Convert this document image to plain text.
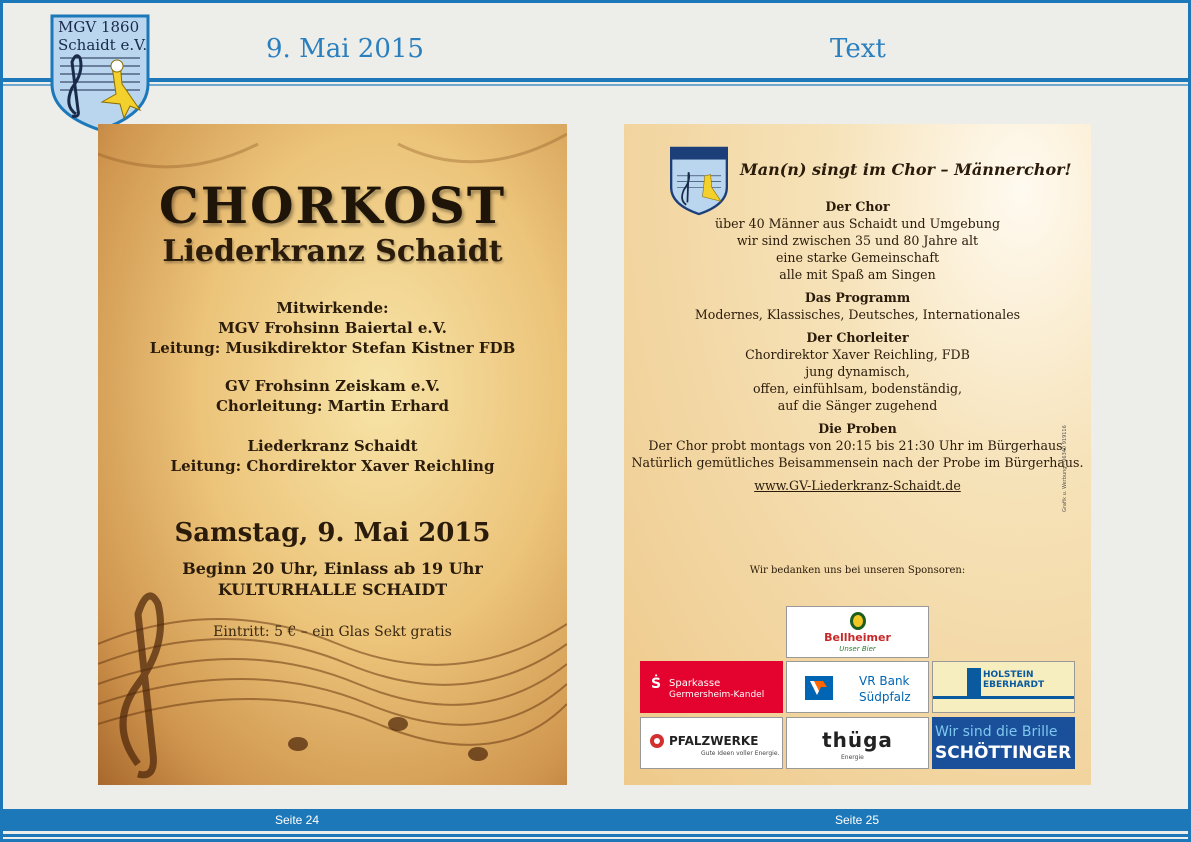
MGV 1860
Schaidt e.V.	9. Mai 2015	Text
CHORKOST
Liederkranz Schaidt
Mitwirkende:
MGV Frohsinn Baiertal e.V.
Leitung: Musikdirektor Stefan Kistner FDB
GV Frohsinn Zeiskam e.V.
Chorleitung: Martin Erhard
Liederkranz Schaidt
Leitung: Chordirektor Xaver Reichling
Samstag, 9. Mai 2015
Beginn 20 Uhr, Einlass ab 19 Uhr
KULTURHALLE SCHAIDT
Eintritt: 5 € – ein Glas Sekt gratis
Man(n) singt im Chor – Männerchor!
Der Chor
über 40 Männer aus Schaidt und Umgebung
wir sind zwischen 35 und 80 Jahre alt
eine starke Gemeinschaft
alle mit Spaß am Singen
Das Programm
Modernes, Klassisches, Deutsches, Internationales
Der Chorleiter
Chordirektor Xaver Reichling, FDB
jung dynamisch,
offen, einfühlsam, bodenständig,
auf die Sänger zugehend
Die Proben
Der Chor probt montags von 20:15 bis 21:30 Uhr im Bürgerhaus.
Natürlich gemütliches Beisammensein nach der Probe im Bürgerhaus.
www.GV-Liederkranz-Schaidt.de
Wir bedanken uns bei unseren Sponsoren:
Grafik u. Werbung · 06340 919116
Bellheimer
Unser Bier
Ṡ Sparkasse
Germersheim-Kandel
VR Bank
Südpfalz
HOLSTEIN EBERHARDT
PFALZWERKE
Gute Ideen voller Energie.
thüga
Energie
Wir sind die Brille
SCHÖTTINGER
Seite 24	Seite 25
